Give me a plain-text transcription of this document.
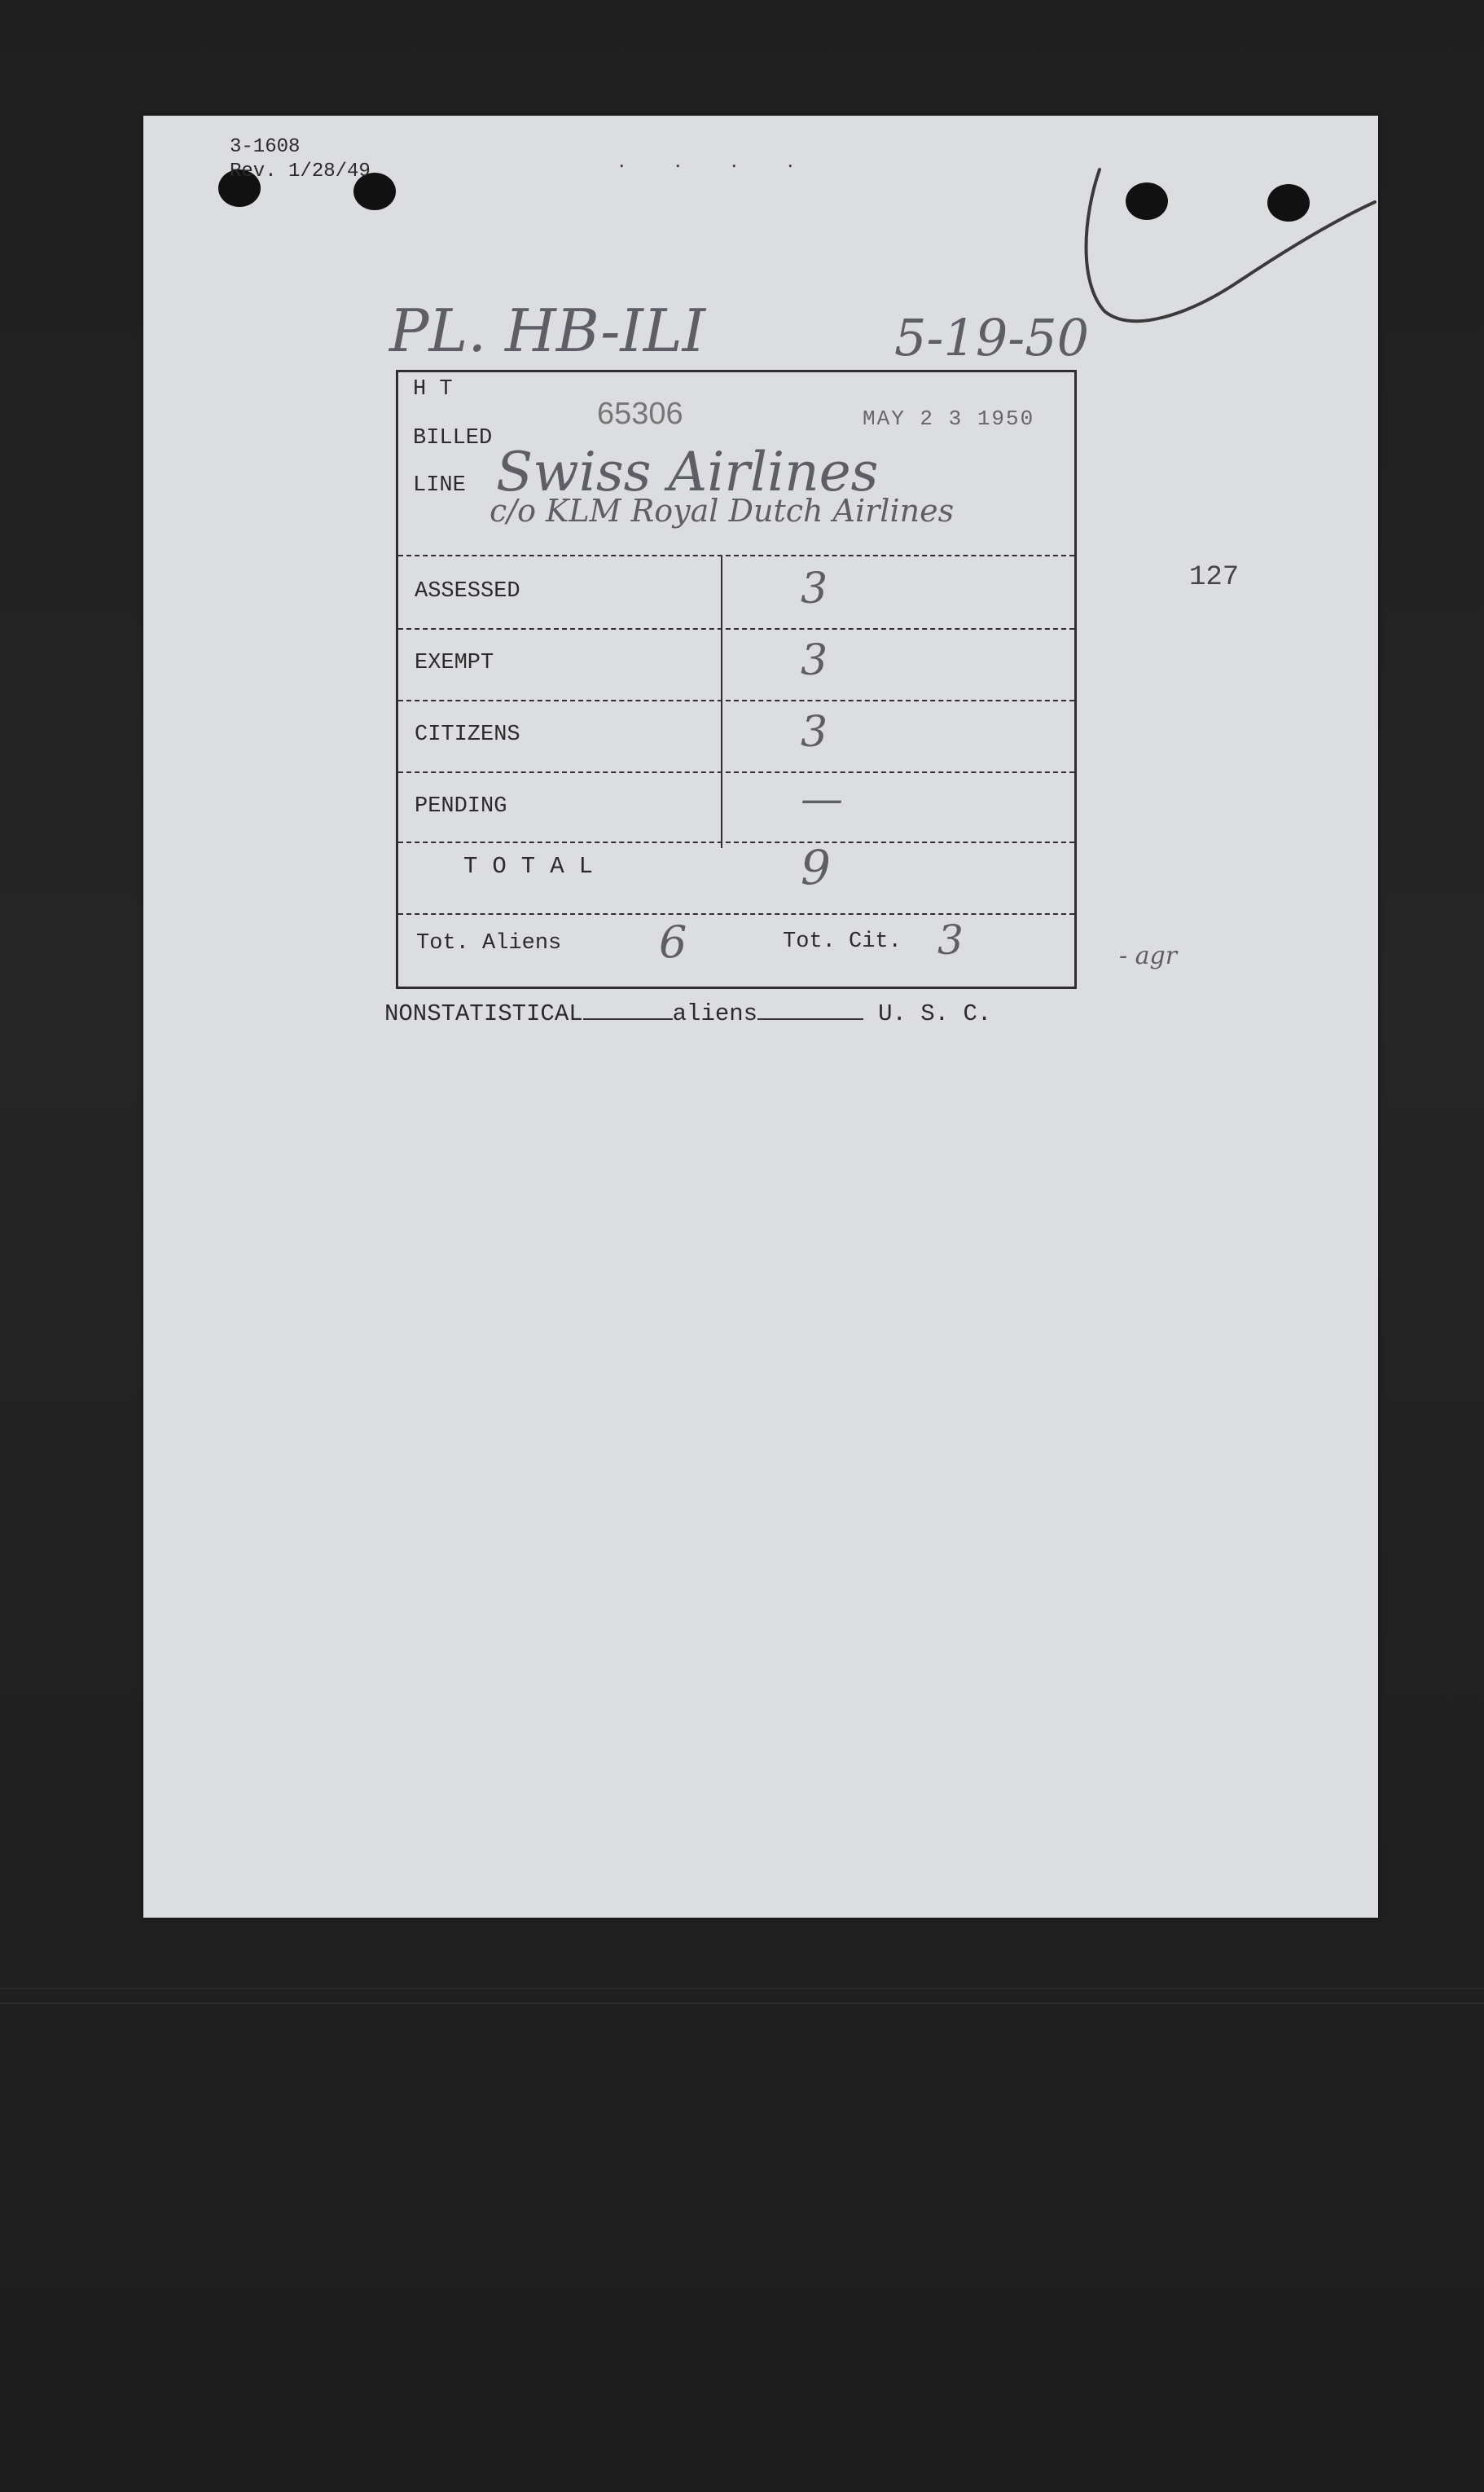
3-1608
Rev. 1/28/49	. . . .
PL. HB-ILI	5-19-50
H T
BILLED
LINE
65306	MAY 2 3 1950
Swiss Airlines
c/o KLM Royal Dutch Airlines
ASSESSED	3
EXEMPT	3
CITIZENS	3
PENDING	—
TOTAL	9
Tot. Aliens 6	Tot. Cit. 3
127
- agr
NONSTATISTICAL	aliens	U. S. C.
